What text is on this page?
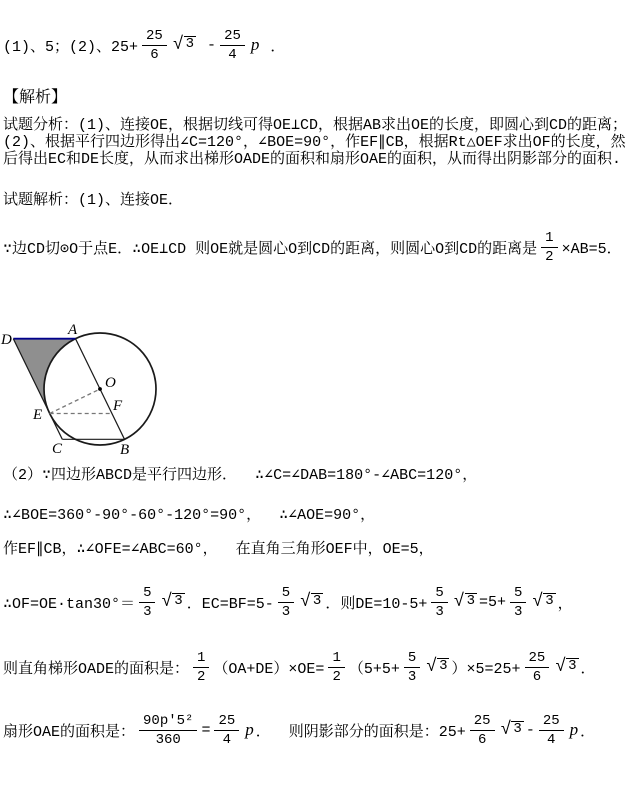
(1)、5；(2)、$25+ \frac{25}{6}$ √ $3 - \frac{25}{4}$ p ．
【解析】
试题分析：(1)、连接OE，根据切线可得OE⊥CD，根据AB求出OE的长度，即圆心到CD的距离；(2)、根据平行四边形得出∠C=120°，∠BOE=90°，作EF∥CB，根据Rt△OEF求出OF的长度，然后得出EC和DE长度，从而求出梯形OADE的面积和扇形OAE的面积，从而得出阴影部分的面积.
试题解析：(1)、连接OE．
∵边CD切⊙O于点E．∴OE⊥CD 则OE就是圆心O到CD的距离，则圆心O到CD的距离是 $\frac{1}{2} \times AB=5$．
D
A
O
E
F
C	B
（2）∵四边形ABCD是平行四边形．  ∴∠C=∠DAB=180°-∠ABC=120°，
∴∠BOE=360°-90°-60°-120°=90°，  ∴∠AOE=90°，
作EF∥CB，∴∠OFE=∠ABC=60°，  在直角三角形OEF中，OE=5，
∴OF=OE·tan30°＝ $\frac{5}{3}$ √ 3 ．$EC=BF=5- \frac{5}{3}$ √ 3 ．则$DE=10-5+ \frac{5}{3}$ √ $3 =5+ \frac{5}{3}$ √ 3 ，
则直角梯形OADE的面积是： $\frac{1}{2} (OA+DE)\times OE= \frac{1}{2} (5+5+ \frac{5}{3}$ √ 3 ）$\times 5=25+ \frac{25}{6}$ √ 3 ．
扇形OAE的面积是： $\frac{\text{90p′5²}}{360} = \frac{25}{4}$ p ．  则阴影部分的面积是：$25+ \frac{25}{6}$ √ $3 - \frac{25}{4}$ p ．
